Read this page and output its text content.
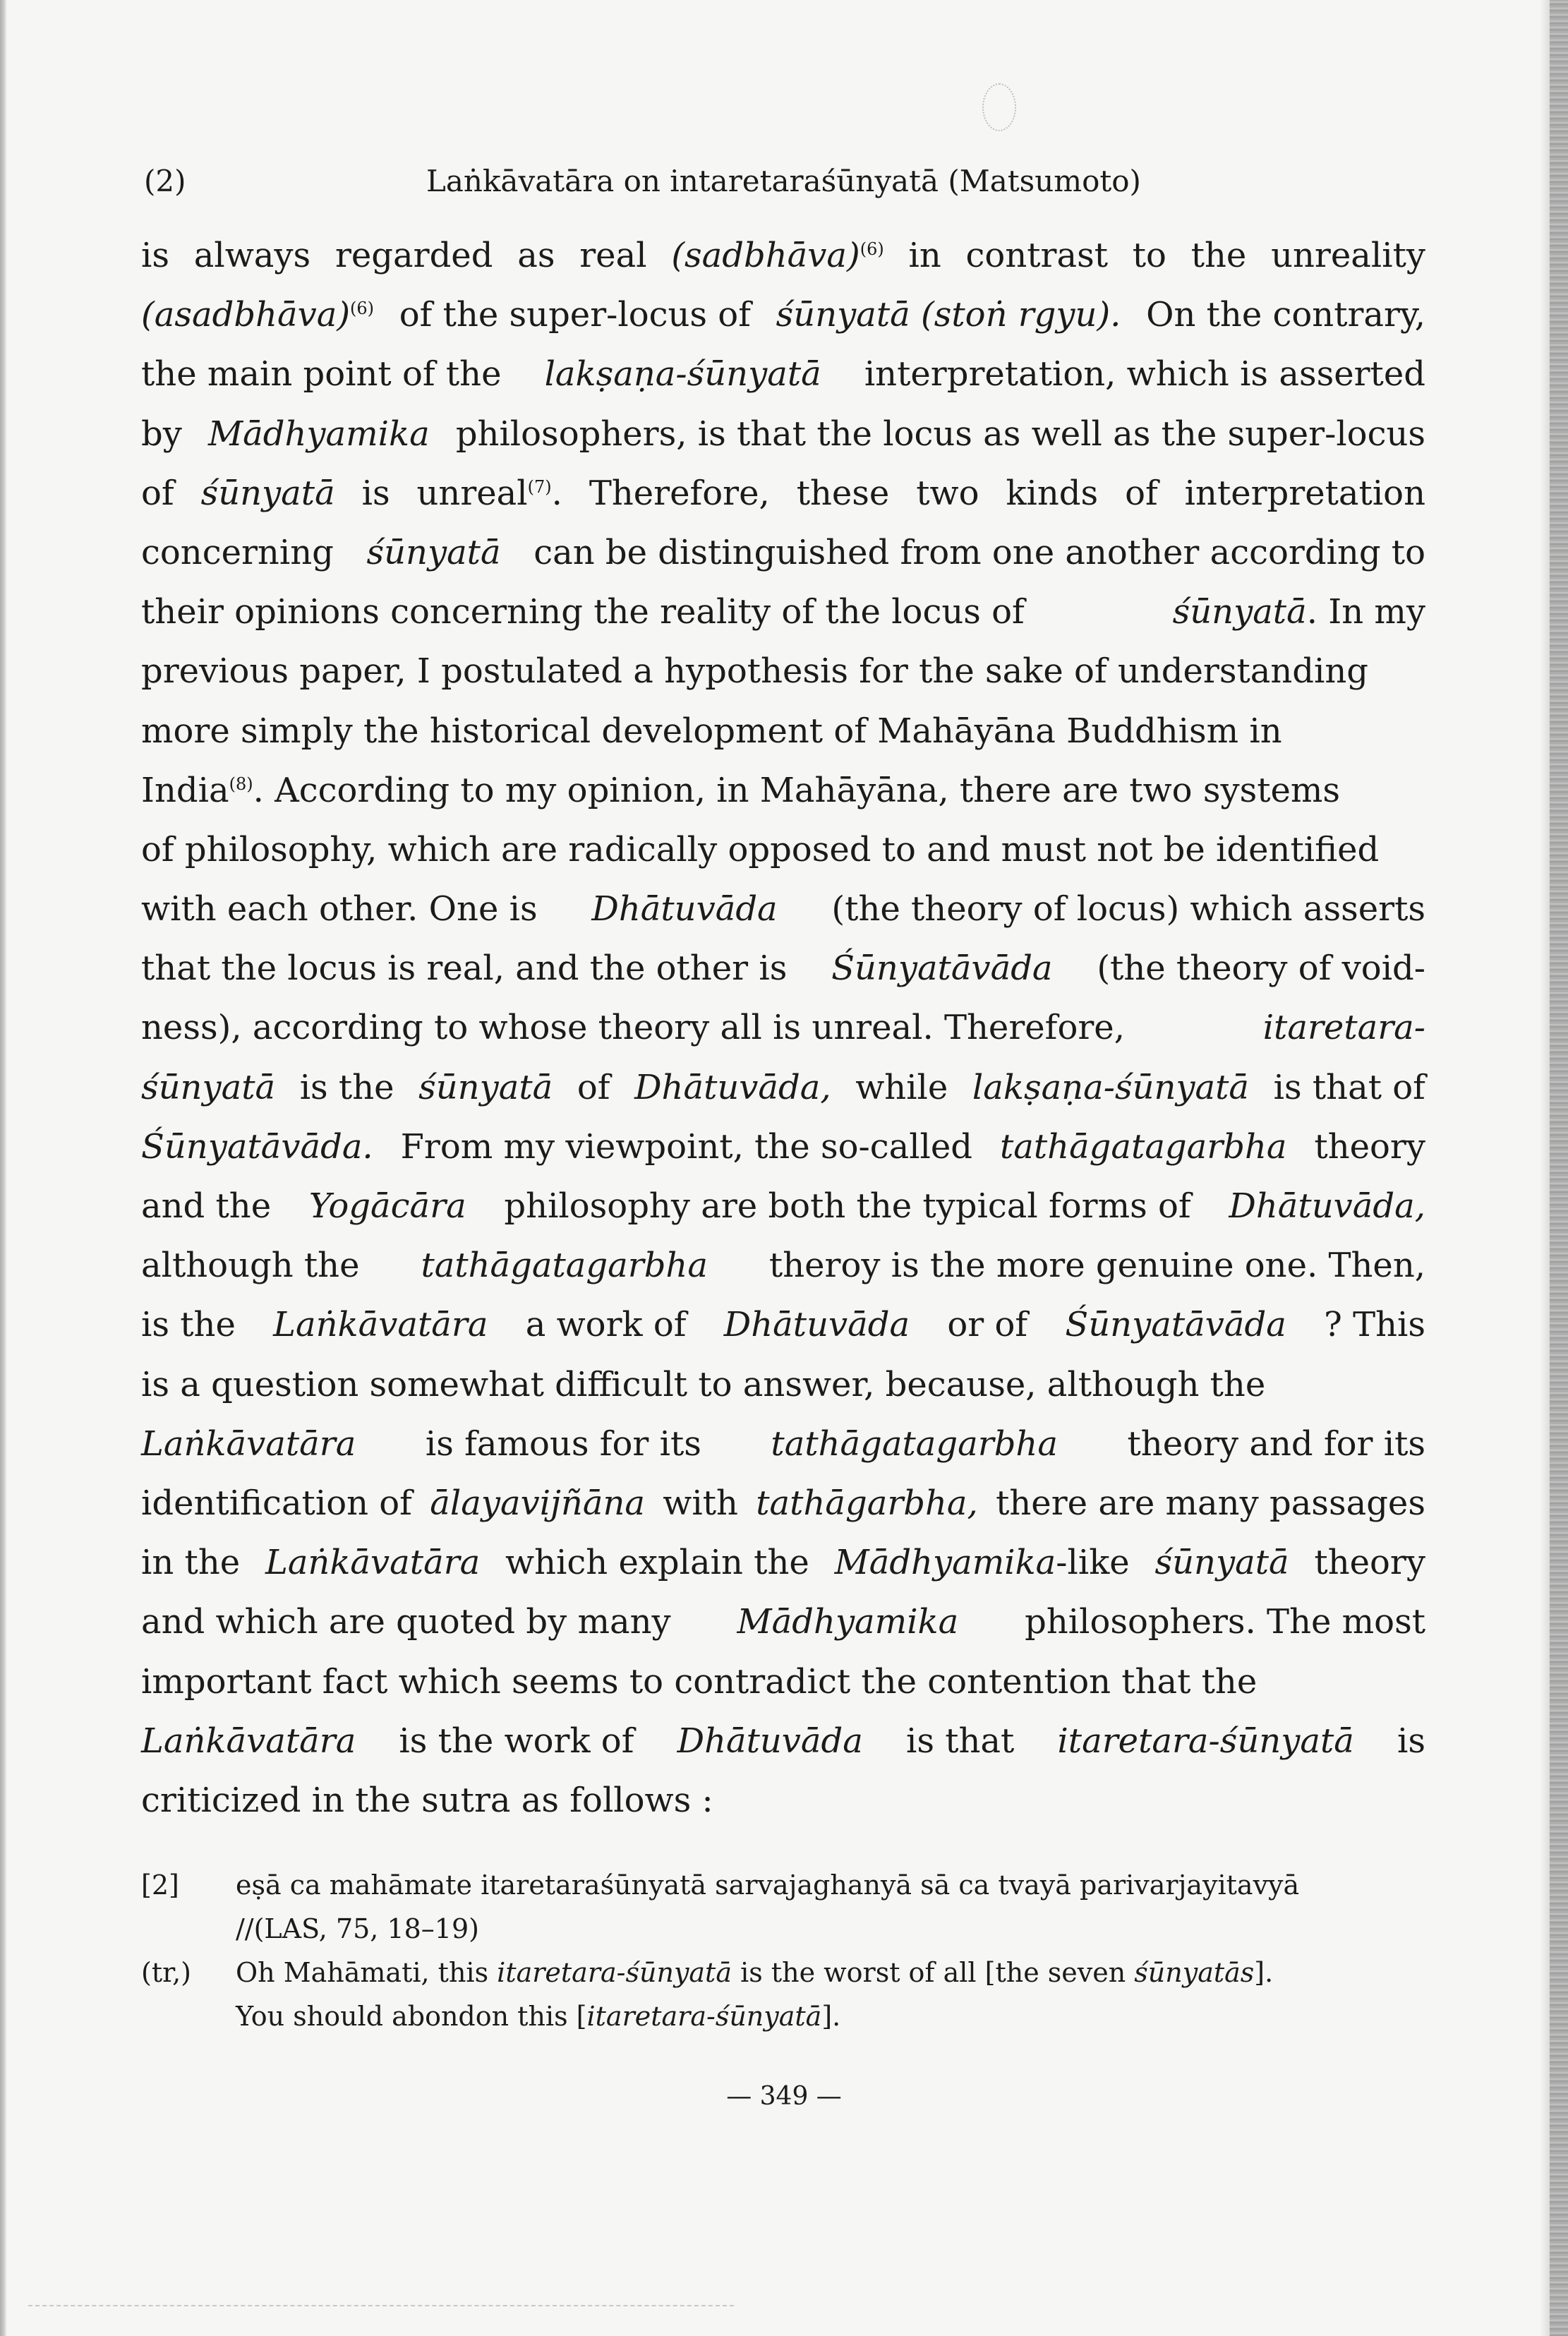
(2)	Laṅkāvatāra on intaretaraśūnyatā (Matsumoto)
is always regarded as real (sadbhāva)(6) in contrast to the unreality
(asadbhāva)(6) of the super-locus of śūnyatā (stoṅ rgyu). On the contrary,
the main point of the lakṣaṇa-śūnyatā interpretation, which is asserted
by Mādhyamika philosophers, is that the locus as well as the super-locus
of śūnyatā is unreal(7). Therefore, these two kinds of interpretation
concerning śūnyatā can be distinguished from one another according to
their opinions concerning the reality of the locus of	śūnyatā. In my
previous paper, I postulated a hypothesis for the sake of understanding
more simply the historical development of Mahāyāna Buddhism in
India(8). According to my opinion, in Mahāyāna, there are two systems
of philosophy, which are radically opposed to and must not be identified
with each other. One is Dhātuvāda (the theory of locus) which asserts
that the locus is real, and the other is Śūnyatāvāda (the theory of void-
ness), according to whose theory all is unreal. Therefore,	itaretara-
śūnyatā is the śūnyatā of Dhātuvāda, while lakṣaṇa-śūnyatā is that of
Śūnyatāvāda. From my viewpoint, the so-called tathāgatagarbha theory
and the Yogācāra philosophy are both the typical forms of Dhātuvāda,
although the tathāgatagarbha theroy is the more genuine one. Then,
is the Laṅkāvatāra a work of Dhātuvāda or of Śūnyatāvāda ? This
is a question somewhat difficult to answer, because, although the
Laṅkāvatāra is famous for its tathāgatagarbha theory and for its
identification of ālayavijñāna with tathāgarbha, there are many passages
in the Laṅkāvatāra which explain the Mādhyamika-like śūnyatā theory
and which are quoted by many Mādhyamika philosophers. The most
important fact which seems to contradict the contention that the
Laṅkāvatāra is the work of Dhātuvāda is that itaretara-śūnyatā is
criticized in the sutra as follows :
[2] eṣā ca mahāmate itaretaraśūnyatā sarvajaghanyā sā ca tvayā parivarjayitavyā
//(LAS, 75, 18–19)
(tr,) Oh Mahāmati, this itaretara-śūnyatā is the worst of all [the seven śūnyatās].
You should abondon this [itaretara-śūnyatā].
— 349 —
